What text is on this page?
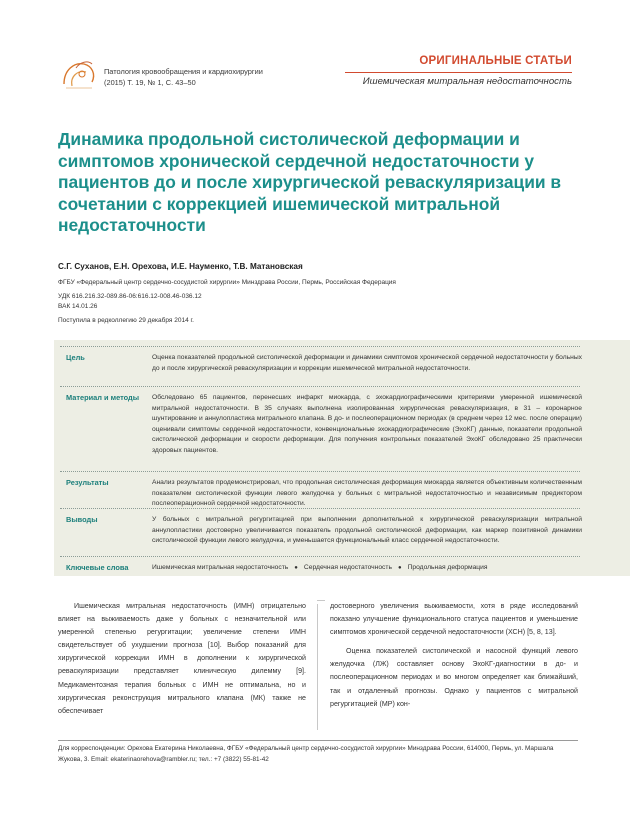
Патология кровообращения и кардиохирургии
(2015) Т. 19, № 1, С. 43–50
ОРИГИНАЛЬНЫЕ СТАТЬИ
Ишемическая митральная недостаточность
Динамика продольной систолической деформации и симптомов хронической сердечной недостаточности у пациентов до и после хирургической реваскуляризации в сочетании с коррекцией ишемической митральной недостаточности
С.Г. Суханов, Е.Н. Орехова, И.Е. Науменко, Т.В. Матановская
ФГБУ «Федеральный центр сердечно-сосудистой хирургии» Минздрава России, Пермь, Российская Федерация
УДК 616.216.32-089.86-06:616.12-008.46-036.12
ВАК 14.01.26
Поступила в редколлегию 29 декабря 2014 г.
Цель	Оценка показателей продольной систолической деформации и динамики симптомов хронической сердечной недостаточности у больных до и после хирургической реваскуляризации и коррекции ишемической митральной недостаточности.
Материал и методы	Обследовано 65 пациентов, перенесших инфаркт миокарда, с эхокардиографическими критериями умеренной ишемической митральной недостаточности. В 35 случаях выполнена изолированная хирургическая реваскуляризация, в 31 – коронарное шунтирование и аннулопластика митрального клапана. В до- и послеоперационном периодах (в среднем через 12 мес. после операции) оценивали симптомы сердечной недостаточности, конвенциональные эхокардиографические (ЭхоКГ) данные, показатели продольной систолической деформации и скорости деформации. Для получения контрольных показателей ЭхоКГ обследовано 25 практически здоровых пациентов.
Результаты	Анализ результатов продемонстрировал, что продольная систолическая деформация миокарда является объективным количественным показателем систолической функции левого желудочка у больных с митральной недостаточностью и независимым предиктором послеоперационной сердечной недостаточности.
Выводы	У больных с митральной регургитацией при выполнении дополнительной к хирургической реваскуляризации митральной аннулопластики достоверно увеличивается показатель продольной систолической деформации, как маркер позитивной динамики систолической функции левого желудочка, и уменьшается функциональный класс сердечной недостаточности.
Ключевые слова	Ишемическая митральная недостаточность ● Сердечная недостаточность ● Продольная деформация

Ишемическая митральная недостаточность (ИМН) отрицательно влияет на выживаемость даже у больных с незначительной или умеренной степенью регургитации; увеличение степени ИМН свидетельствует об ухудшении прогноза [10]. Выбор показаний для хирургической коррекции ИМН в дополнении к хирургической реваскуляризации представляет клиническую дилемму [9]. Медикаментозная терапия больных с ИМН не оптимальна, но и хирургическая реконструкция митрального клапана (МК) также не обеспечивает

достоверного увеличения выживаемости, хотя в ряде исследований показано улучшение функционального статуса пациентов и уменьшение симптомов хронической сердечной недостаточности (ХСН) [5, 8, 13].

Оценка показателей систолической и насосной функций левого желудочка (ЛЖ) составляет основу ЭхоКГ-диагностики в до- и послеоперационном периодах и во многом определяет как ближайший, так и отдаленный прогнозы. Однако у пациентов с митральной регургитацией (МР) кон-

Для корреспонденции: Орехова Екатерина Николаевна, ФГБУ «Федеральный центр сердечно-сосудистой хирургии» Минздрава России, 614000, Пермь, ул. Маршала Жукова, 3. Email: ekaterinaorehova@rambler.ru; тел.: +7 (3822) 55-81-42
